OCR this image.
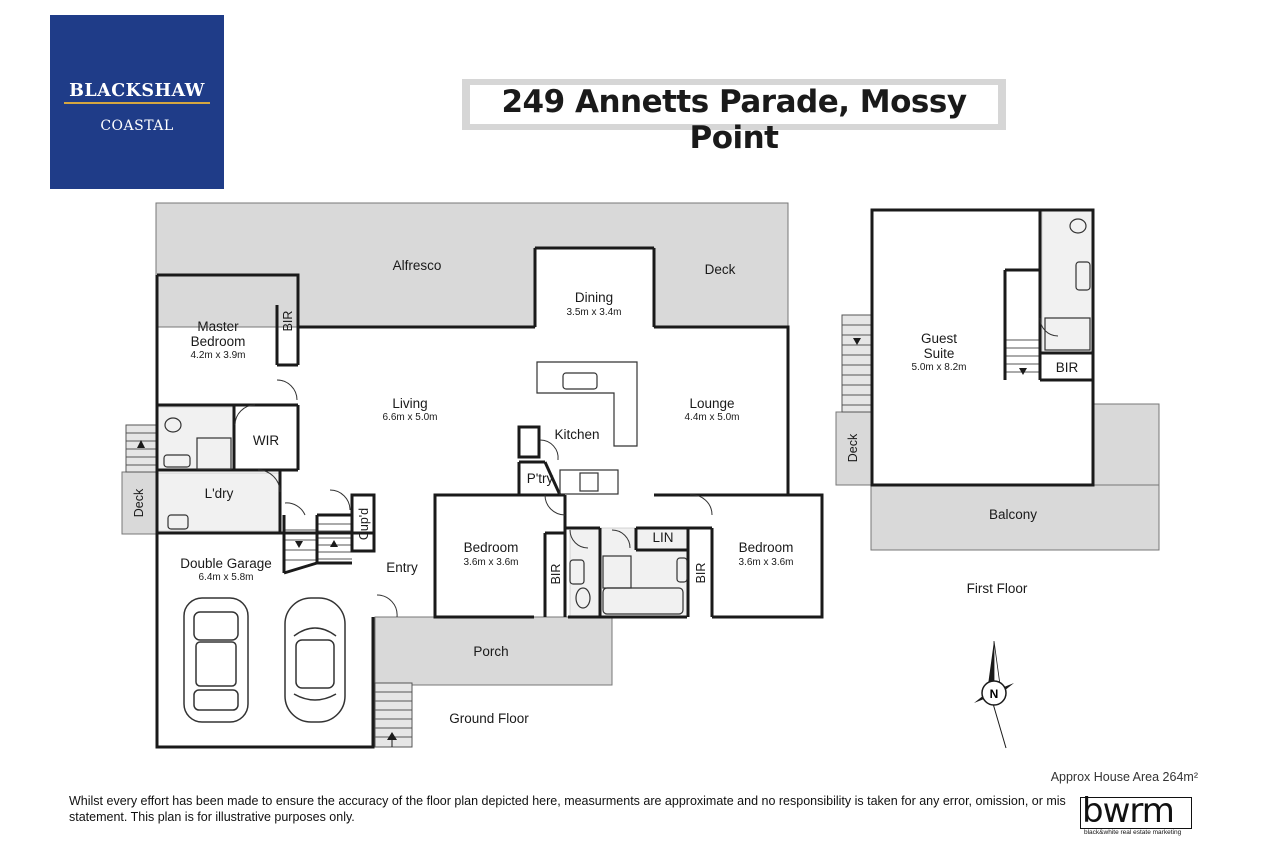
BLACKSHAW
COASTAL
249 Annetts Parade, Mossy Point
Alfresco	Deck
Dining
3.5m x 3.4m
Master
Bedroom
4.2m x 3.9m
BIR
Living
6.6m x 5.0m
Kitchen
Lounge
4.4m x 5.0m
WIR
L'dry
P'try
Deck
Cup'd
Double Garage
6.4m x 5.8m
Entry
Bedroom
3.6m x 3.6m
BIR
LIN
BIR
Bedroom
3.6m x 3.6m
Porch
Ground Floor
Guest
Suite
5.0m x 8.2m	BIR
Deck
Balcony
First Floor
N
Approx House Area 264m²
Whilst every effort has been made to ensure the accuracy of the floor plan depicted here, measurments are approximate and no responsibility is taken for any error, omission, or mis statement. This plan is for illustrative purposes only.	bwrm
black&white real estate marketing
